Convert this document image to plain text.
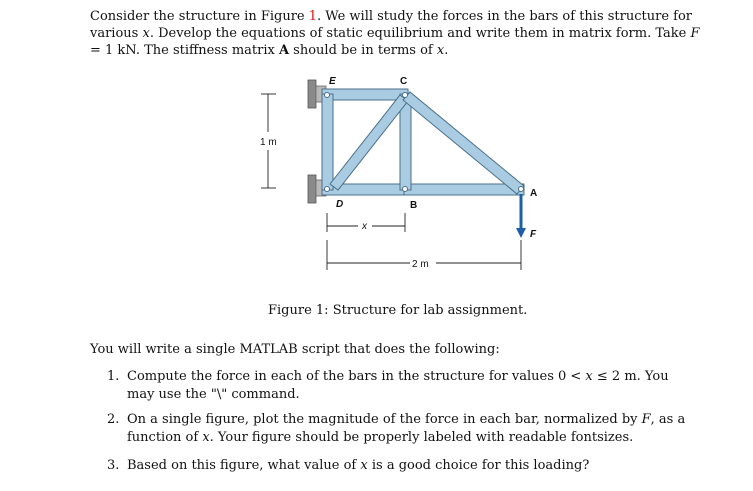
Consider the structure in Figure 1. We will study the forces in the bars of this structure for various x. Develop the equations of static equilibrium and write them in matrix form. Take F = 1 kN. The stiffness matrix A should be in terms of x.
E	C
A
D	B
F
x
1 m
2 m
Figure 1: Structure for lab assignment.
You will write a single MATLAB script that does the following:
1. Compute the force in each of the bars in the structure for values 0 < x ≤ 2 m. You may use the "\" command.
2. On a single figure, plot the magnitude of the force in each bar, normalized by F, as a function of x. Your figure should be properly labeled with readable fontsizes.
3. Based on this figure, what value of x is a good choice for this loading?
